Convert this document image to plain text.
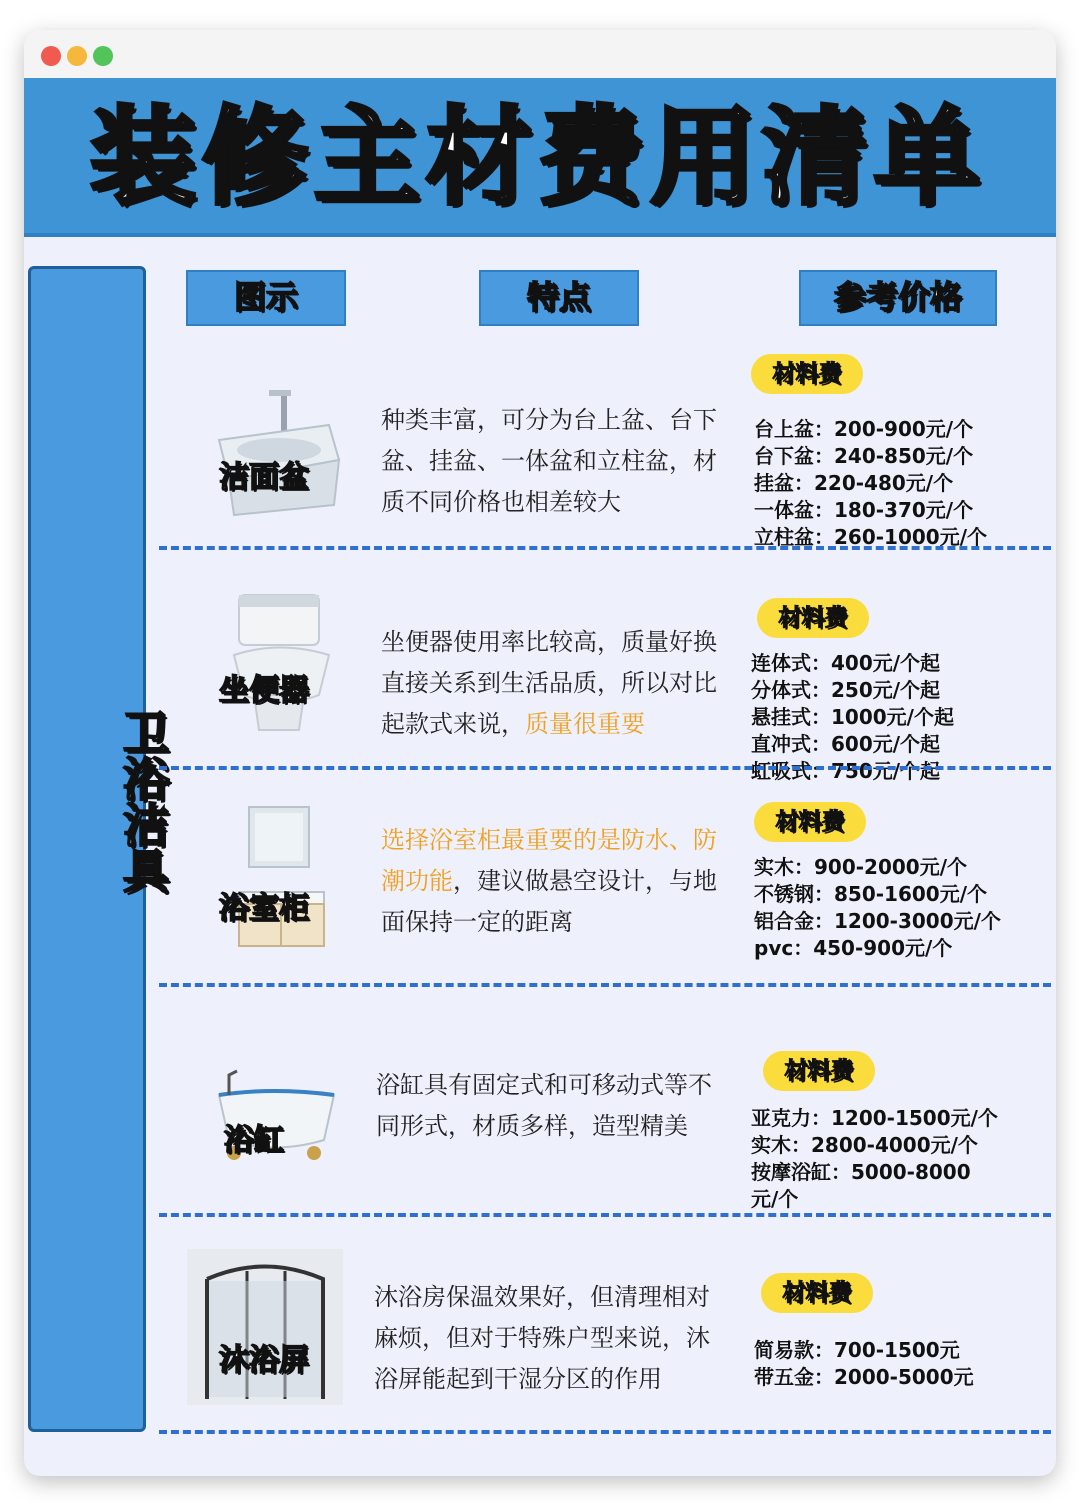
装修主材费用清单
卫浴洁具
图示	特点	参考价格
洁面盆
种类丰富，可分为台上盆、台下盆、挂盆、一体盆和立柱盆，材质不同价格也相差较大
材料费
台上盆：200-900元/个
台下盆：240-850元/个
挂盆：220-480元/个
一体盆：180-370元/个
立柱盆：260-1000元/个
坐便器
坐便器使用率比较高，质量好换直接关系到生活品质，所以对比起款式来说，质量很重要
材料费
连体式：400元/个起
分体式：250元/个起
悬挂式：1000元/个起
直冲式：600元/个起
虹吸式：750元/个起
浴室柜
选择浴室柜最重要的是防水、防潮功能，建议做悬空设计，与地面保持一定的距离
材料费
实木：900-2000元/个
不锈钢：850-1600元/个
铝合金：1200-3000元/个
pvc：450-900元/个
浴缸
浴缸具有固定式和可移动式等不同形式，材质多样，造型精美
材料费
亚克力：1200-1500元/个
实木：2800-4000元/个
按摩浴缸：5000-8000
元/个
沐浴屏
沐浴房保温效果好，但清理相对麻烦，但对于特殊户型来说，沐浴屏能起到干湿分区的作用
材料费
简易款：700-1500元
带五金：2000-5000元
